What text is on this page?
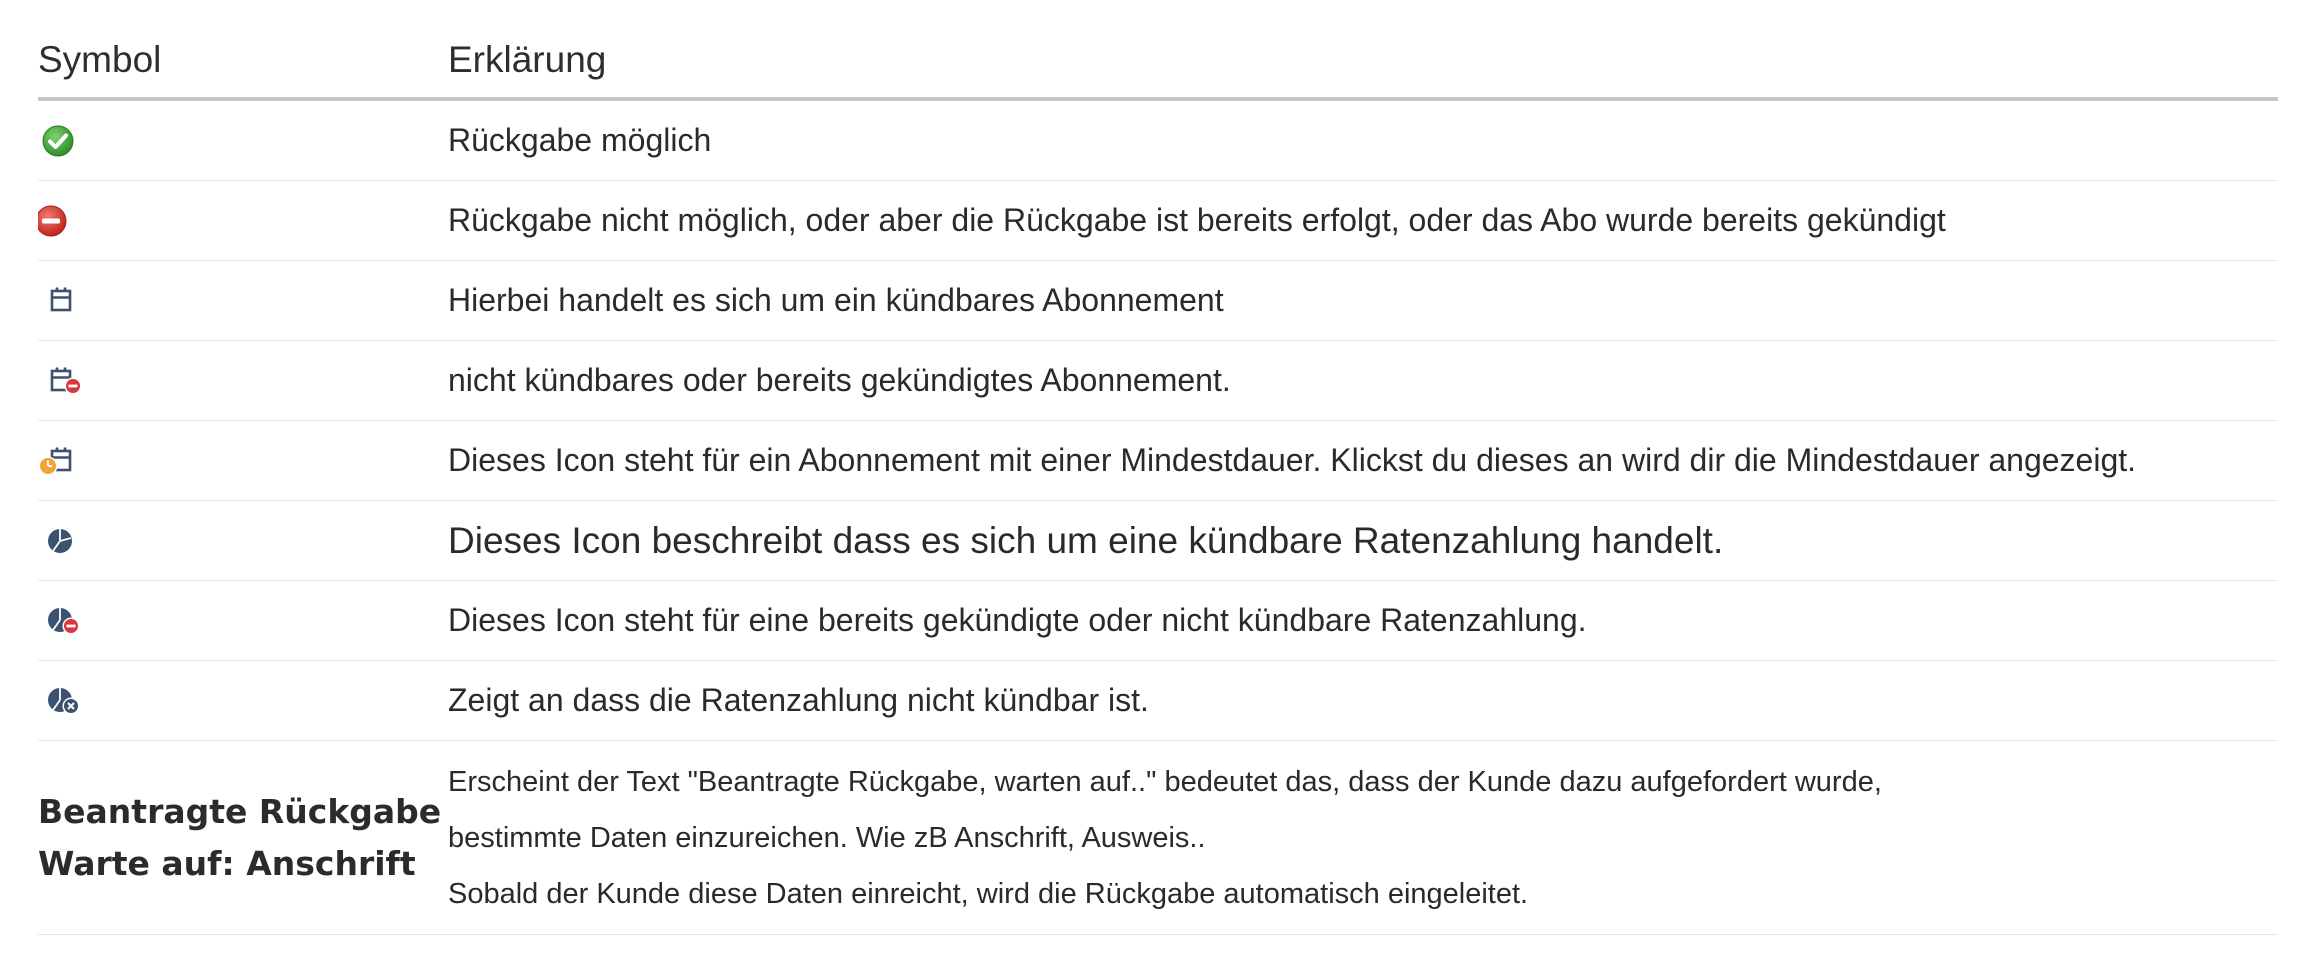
Symbol	Erklärung

	Rückgabe möglich

	Rückgabe nicht möglich, oder aber die Rückgabe ist bereits erfolgt, oder das Abo wurde bereits gekündigt

	Hierbei handelt es sich um ein kündbares Abonnement

	nicht kündbares oder bereits gekündigtes Abonnement.

	Dieses Icon steht für ein Abonnement mit einer Mindestdauer. Klickst du dieses an wird dir die Mindestdauer angezeigt.

	Dieses Icon beschreibt dass es sich um eine kündbare Ratenzahlung handelt.

	Dieses Icon steht für eine bereits gekündigte oder nicht kündbare Ratenzahlung.

	Zeigt an dass die Ratenzahlung nicht kündbar ist.

Beantragte Rückgabe
Warte auf: Anschrift	Erscheint der Text "Beantragte Rückgabe, warten auf.." bedeutet das, dass der Kunde dazu aufgefordert wurde,
bestimmte Daten einzureichen. Wie zB Anschrift, Ausweis..
Sobald der Kunde diese Daten einreicht, wird die Rückgabe automatisch eingeleitet.
